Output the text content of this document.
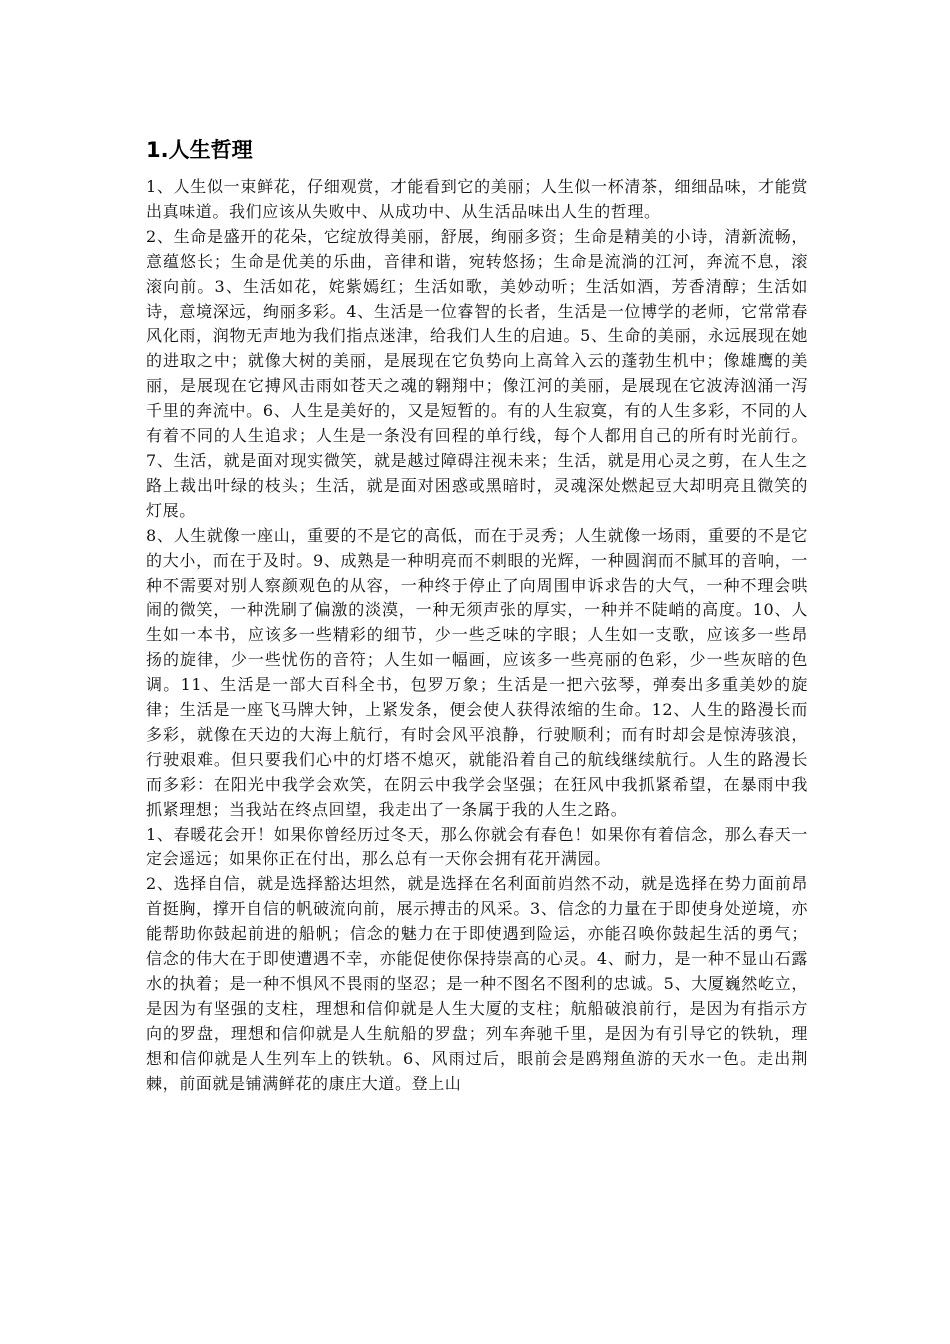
1.人生哲理

1、人生似一束鲜花，仔细观赏，才能看到它的美丽；人生似一杯清茶，细细品味，才能赏出真味道。我们应该从失败中、从成功中、从生活品味出人生的哲理。

2、生命是盛开的花朵，它绽放得美丽，舒展，绚丽多资；生命是精美的小诗，清新流畅，意蕴悠长；生命是优美的乐曲，音律和谐，宛转悠扬；生命是流淌的江河，奔流不息，滚滚向前。3、生活如花，姹紫嫣红；生活如歌，美妙动听；生活如酒，芳香清醇；生活如诗，意境深远，绚丽多彩。4、生活是一位睿智的长者，生活是一位博学的老师，它常常春风化雨，润物无声地为我们指点迷津，给我们人生的启迪。5、生命的美丽，永远展现在她的进取之中；就像大树的美丽，是展现在它负势向上高耸入云的蓬勃生机中；像雄鹰的美丽，是展现在它搏风击雨如苍天之魂的翱翔中；像江河的美丽，是展现在它波涛汹涌一泻千里的奔流中。6、人生是美好的，又是短暂的。有的人生寂寞，有的人生多彩，不同的人有着不同的人生追求；人生是一条没有回程的单行线，每个人都用自己的所有时光前行。7、生活，就是面对现实微笑，就是越过障碍注视未来；生活，就是用心灵之剪，在人生之路上裁出叶绿的枝头；生活，就是面对困惑或黑暗时，灵魂深处燃起豆大却明亮且微笑的灯展。

8、人生就像一座山，重要的不是它的高低，而在于灵秀；人生就像一场雨，重要的不是它的大小，而在于及时。9、成熟是一种明亮而不刺眼的光辉，一种圆润而不腻耳的音响，一种不需要对别人察颜观色的从容，一种终于停止了向周围申诉求告的大气，一种不理会哄闹的微笑，一种洗刷了偏激的淡漠，一种无须声张的厚实，一种并不陡峭的高度。10、人生如一本书，应该多一些精彩的细节，少一些乏味的字眼；人生如一支歌，应该多一些昂扬的旋律，少一些忧伤的音符；人生如一幅画，应该多一些亮丽的色彩，少一些灰暗的色调。11、生活是一部大百科全书，包罗万象；生活是一把六弦琴，弹奏出多重美妙的旋律；生活是一座飞马牌大钟，上紧发条，便会使人获得浓缩的生命。12、人生的路漫长而多彩，就像在天边的大海上航行，有时会风平浪静，行驶顺利；而有时却会是惊涛骇浪，行驶艰难。但只要我们心中的灯塔不熄灭，就能沿着自己的航线继续航行。人生的路漫长而多彩：在阳光中我学会欢笑，在阴云中我学会坚强；在狂风中我抓紧希望，在暴雨中我抓紧理想；当我站在终点回望，我走出了一条属于我的人生之路。

1、春暖花会开！如果你曾经历过冬天，那么你就会有春色！如果你有着信念，那么春天一定会遥远；如果你正在付出，那么总有一天你会拥有花开满园。

2、选择自信，就是选择豁达坦然，就是选择在名利面前岿然不动，就是选择在势力面前昂首挺胸，撑开自信的帆破流向前，展示搏击的风采。3、信念的力量在于即使身处逆境，亦能帮助你鼓起前进的船帆；信念的魅力在于即使遇到险运，亦能召唤你鼓起生活的勇气；信念的伟大在于即使遭遇不幸，亦能促使你保持崇高的心灵。4、耐力，是一种不显山石露水的执着；是一种不惧风不畏雨的坚忍；是一种不图名不图利的忠诚。5、大厦巍然屹立，是因为有坚强的支柱，理想和信仰就是人生大厦的支柱；航船破浪前行，是因为有指示方向的罗盘，理想和信仰就是人生航船的罗盘；列车奔驰千里，是因为有引导它的铁轨，理想和信仰就是人生列车上的铁轨。6、风雨过后，眼前会是鸥翔鱼游的天水一色。走出荆棘，前面就是铺满鲜花的康庄大道。登上山
